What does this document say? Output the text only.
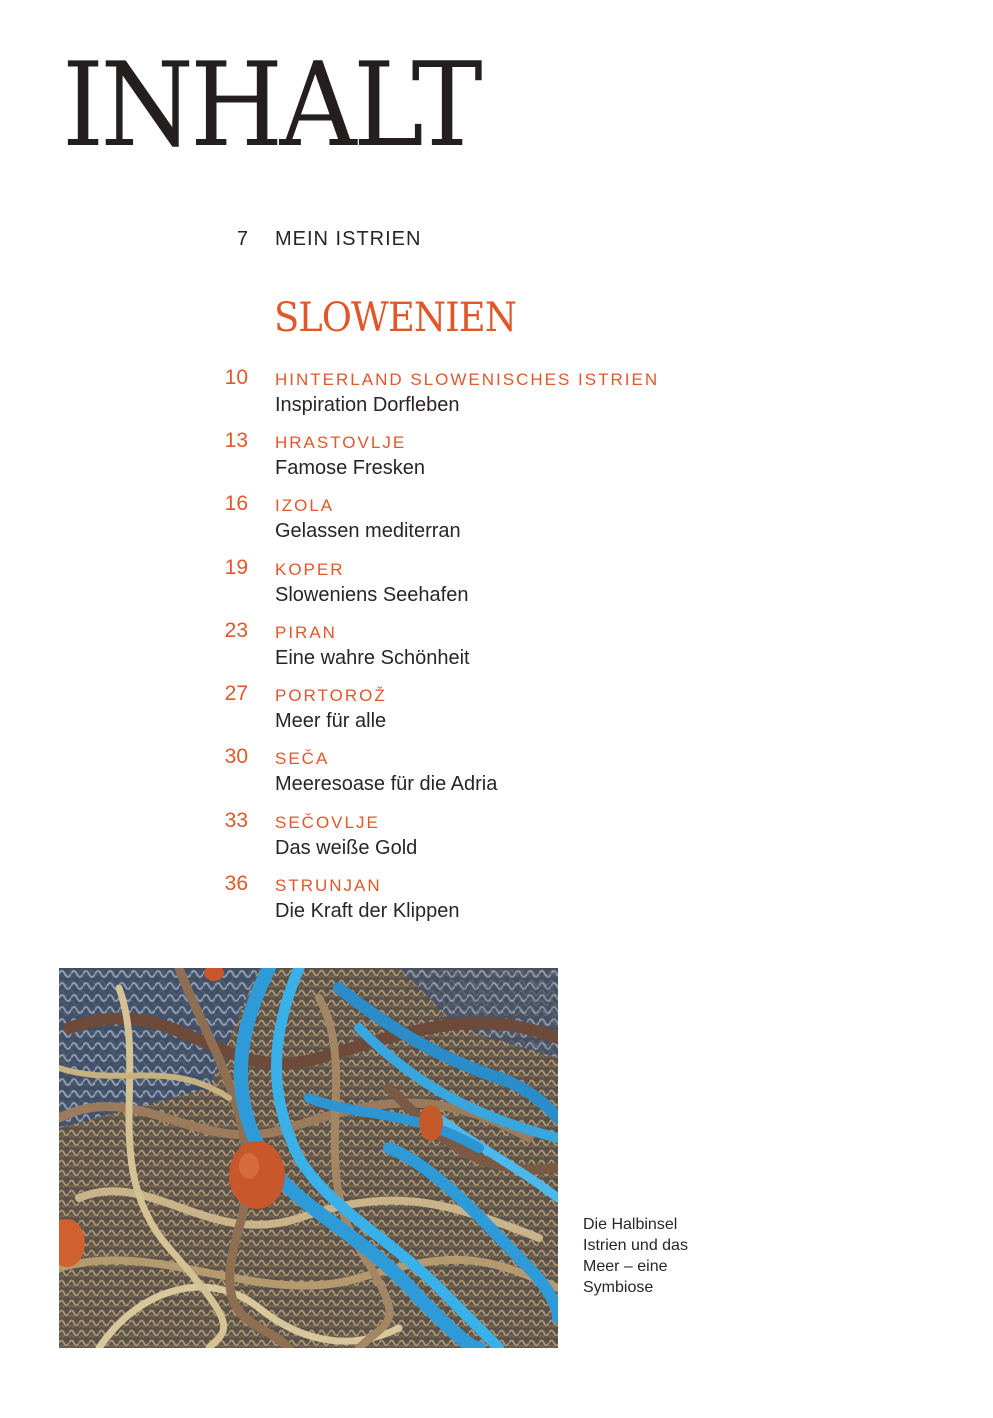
INHALT
7 MEIN ISTRIEN
SLOWENIEN
10 HINTERLAND SLOWENISCHES ISTRIEN
Inspiration Dorfleben
13 HRASTOVLJE
Famose Fresken
16 IZOLA
Gelassen mediterran
19 KOPER
Sloweniens Seehafen
23 PIRAN
Eine wahre Schönheit
27 PORTOROŽ
Meer für alle
30 SEČA
Meeresoase für die Adria
33 SEČOVLJE
Das weiße Gold
36 STRUNJAN
Die Kraft der Klippen
Die Halbinsel
Istrien und das
Meer – eine
Symbiose
